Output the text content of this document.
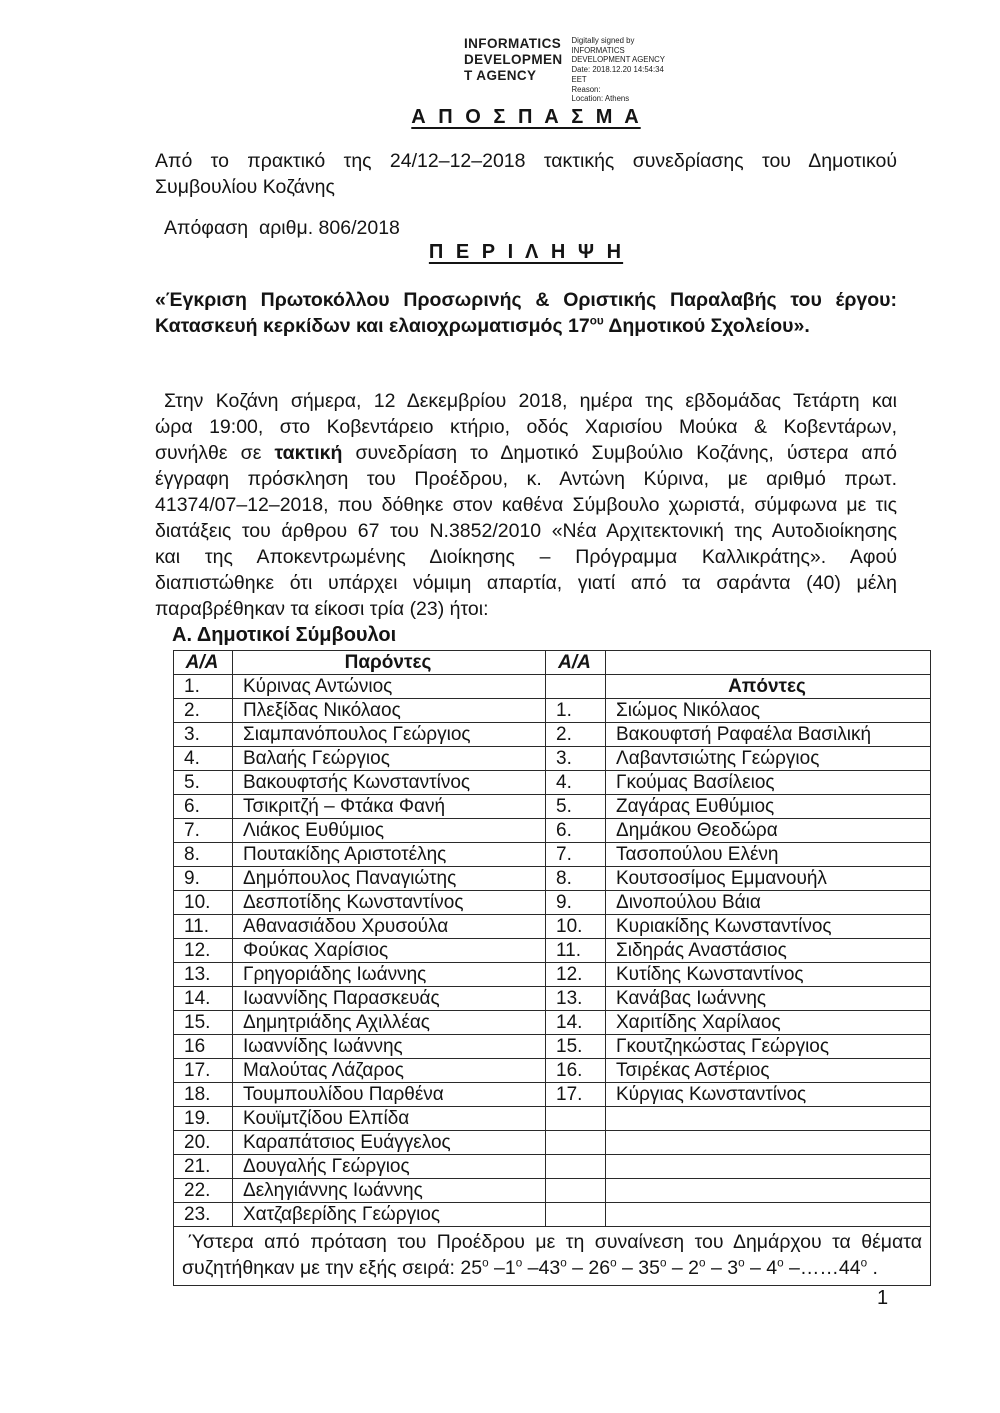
INFORMATICS
DEVELOPMEN
T AGENCY
Digitally signed by
INFORMATICS
DEVELOPMENT AGENCY
Date: 2018.12.20 14:54:34
EET
Reason:
Location: Athens
Α Π Ο Σ Π Α Σ Μ Α
Από το πρακτικό της 24/12–12–2018 τακτικής συνεδρίασης του Δημοτικού
Συμβουλίου Κοζάνης
Απόφαση  αριθμ. 806/2018
Π Ε Ρ Ι Λ Η Ψ Η
«Έγκριση Πρωτοκόλλου Προσωρινής & Οριστικής Παραλαβής του έργου:
Κατασκευή κερκίδων και ελαιοχρωματισμός $17^{o\upsilon}$ Δημοτικού Σχολείου».
Στην Κοζάνη σήμερα, 12 Δεκεμβρίου 2018, ημέρα της εβδομάδας Τετάρτη και
ώρα 19:00, στο Κοβεντάρειο κτήριο, οδός Χαρισίου Μούκα & Κοβεντάρων,
συνήλθε σε τακτική συνεδρίαση το Δημοτικό Συμβούλιο Κοζάνης, ύστερα από
έγγραφη πρόσκληση του Προέδρου, κ. Αντώνη Κύρινα, με αριθμό πρωτ.
41374/07–12–2018, που δόθηκε στον καθένα Σύμβουλο χωριστά, σύμφωνα με τις
διατάξεις του άρθρου 67 του Ν.3852/2010 «Νέα Αρχιτεκτονική της Αυτοδιοίκησης
και της Αποκεντρωμένης Διοίκησης – Πρόγραμμα Καλλικράτης». Αφού
διαπιστώθηκε ότι υπάρχει νόμιμη απαρτία, γιατί από τα σαράντα (40) μέλη
παραβρέθηκαν τα είκοσι τρία (23) ήτοι:
Α. Δημοτικοί Σύμβουλοι
Α/Α	Παρόντες	Α/Α	
1.	Κύρινας Αντώνιος		Απόντες
2.	Πλεξίδας Νικόλαος	1.	Σιώμος Νικόλαος
3.	Σιαμπανόπουλος Γεώργιος	2.	Βακουφτσή Ραφαέλα Βασιλική
4.	Βαλαής Γεώργιος	3.	Λαβαντσιώτης Γεώργιος
5.	Βακουφτσής Κωνσταντίνος	4.	Γκούμας Βασίλειος
6.	Τσικριτζή – Φτάκα Φανή	5.	Ζαγάρας Ευθύμιος
7.	Λιάκος Ευθύμιος	6.	Δημάκου Θεοδώρα
8.	Πουτακίδης Αριστοτέλης	7.	Τασοπούλου Ελένη
9.	Δημόπουλος Παναγιώτης	8.	Κουτσοσίμος Εμμανουήλ
10.	Δεσποτίδης Κωνσταντίνος	9.	Δινοπούλου Βάια
11.	Αθανασιάδου Χρυσούλα	10.	Κυριακίδης Κωνσταντίνος
12.	Φούκας Χαρίσιος	11.	Σιδηράς Αναστάσιος
13.	Γρηγοριάδης Ιωάννης	12.	Κυτίδης Κωνσταντίνος
14.	Ιωαννίδης Παρασκευάς	13.	Κανάβας Ιωάννης
15.	Δημητριάδης Αχιλλέας	14.	Χαριτίδης Χαρίλαος
16	Ιωαννίδης Ιωάννης	15.	Γκουτζηκώστας Γεώργιος
17.	Μαλούτας Λάζαρος	16.	Τσιρέκας Αστέριος
18.	Τουμπουλίδου Παρθένα	17.	Κύργιας Κωνσταντίνος
19.	Κουϊμτζίδου Ελπίδα		
20.	Καραπάτσιος Ευάγγελος		
21.	Δουγαλής Γεώργιος		
22.	Δεληγιάννης Ιωάννης		
23.	Χατζαβερίδης Γεώργιος		

Ύστερα από πρόταση του Προέδρου με τη συναίνεση του Δημάρχου τα θέματα
συζητήθηκαν με την εξής σειρά: $25^o$ $-1^o$ $-43^o - 26^o - 35^o - 2^o - 3^o - 4^o$ $-\dots\dots 44^o$ .			
1
